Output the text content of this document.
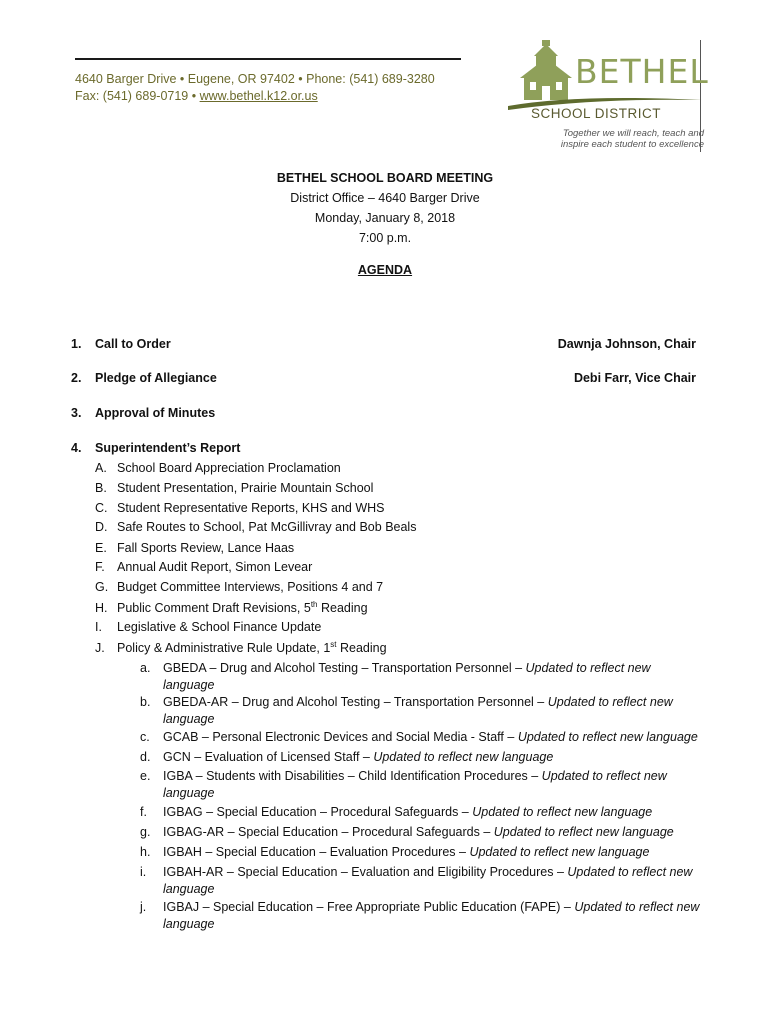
4640 Barger Drive • Eugene, OR 97402 • Phone: (541) 689-3280
Fax: (541) 689-0719 • www.bethel.k12.or.us
BETHEL
SCHOOL DISTRICT
Together we will reach, teach and
inspire each student to excellence
BETHEL SCHOOL BOARD MEETING
District Office – 4640 Barger Drive
Monday, January 8, 2018
7:00 p.m.
AGENDA
1. Call to Order	Dawnja Johnson, Chair
2. Pledge of Allegiance	Debi Farr, Vice Chair
3. Approval of Minutes
4. Superintendent’s Report
A. School Board Appreciation Proclamation
B. Student Presentation, Prairie Mountain School
C. Student Representative Reports, KHS and WHS
D. Safe Routes to School, Pat McGillivray and Bob Beals
E. Fall Sports Review, Lance Haas
F. Annual Audit Report, Simon Levear
G. Budget Committee Interviews, Positions 4 and 7
H. Public Comment Draft Revisions, 5th Reading
I. Legislative & School Finance Update
J. Policy & Administrative Rule Update, 1st Reading
a. GBEDA – Drug and Alcohol Testing – Transportation Personnel – Updated to reflect new language
b. GBEDA-AR – Drug and Alcohol Testing – Transportation Personnel – Updated to reflect new language
c. GCAB – Personal Electronic Devices and Social Media - Staff – Updated to reflect new language
d. GCN – Evaluation of Licensed Staff – Updated to reflect new language
e. IGBA – Students with Disabilities – Child Identification Procedures – Updated to reflect new language
f. IGBAG – Special Education – Procedural Safeguards – Updated to reflect new language
g. IGBAG-AR – Special Education – Procedural Safeguards – Updated to reflect new language
h. IGBAH – Special Education – Evaluation Procedures – Updated to reflect new language
i. IGBAH-AR – Special Education – Evaluation and Eligibility Procedures – Updated to reflect new language
j. IGBAJ – Special Education – Free Appropriate Public Education (FAPE) – Updated to reflect new language
